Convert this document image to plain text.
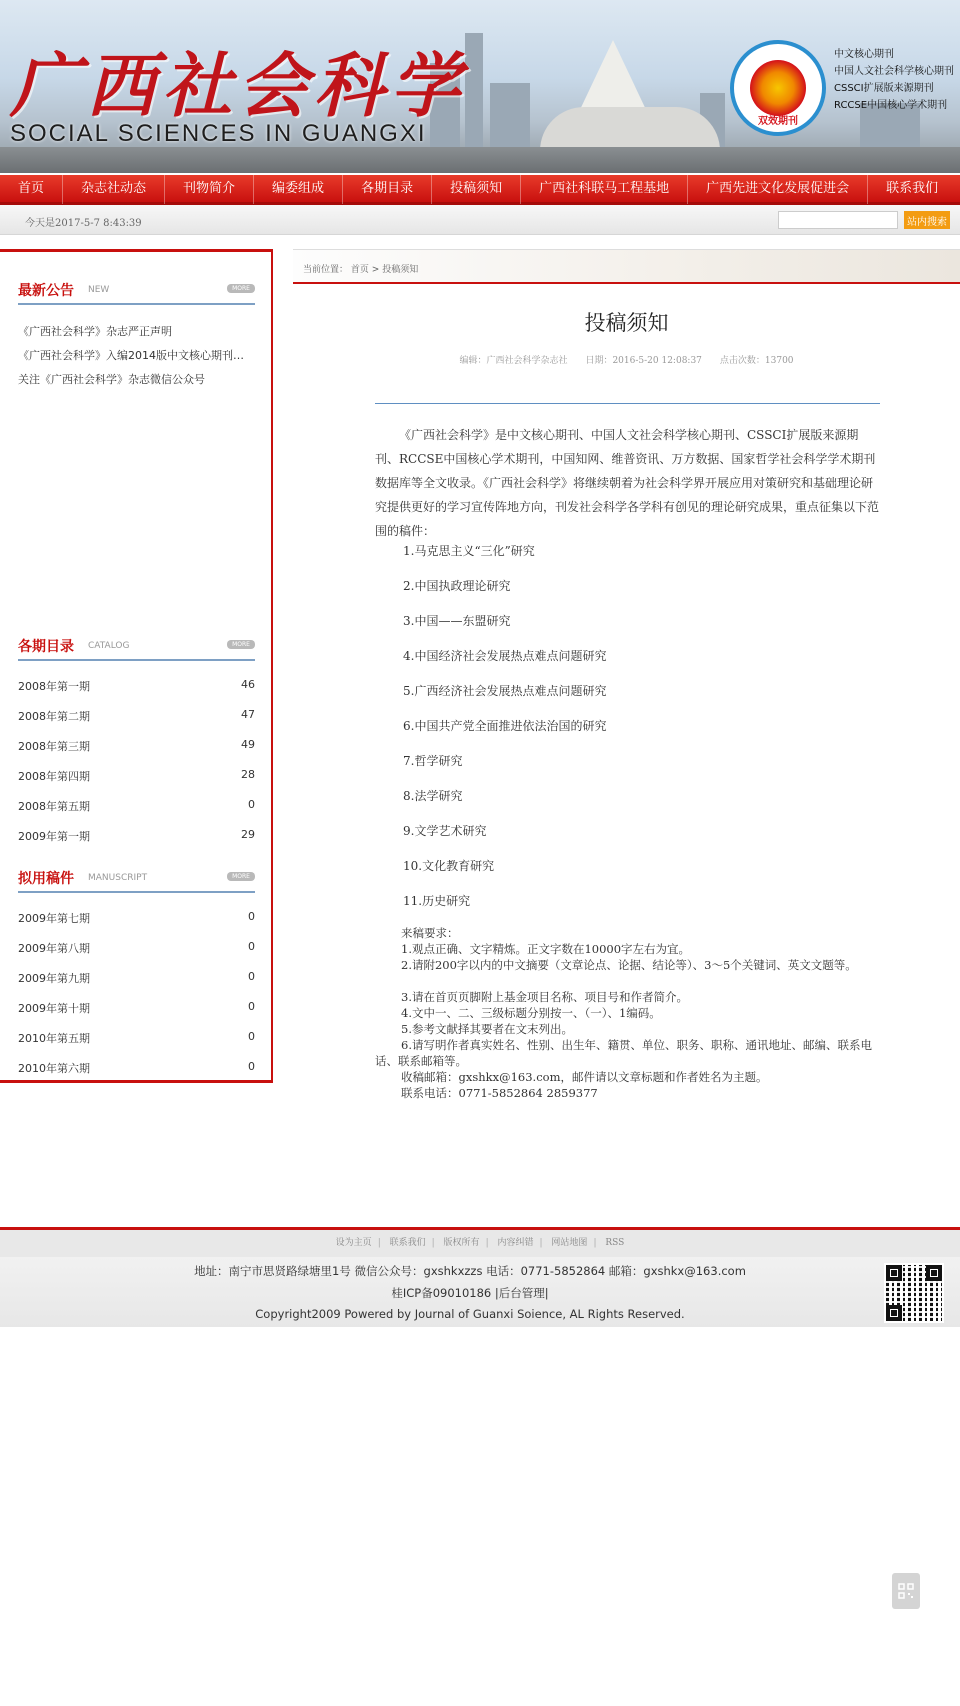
广西社会科学
SOCIAL SCIENCES IN GUANGXI	双效期刊
中文核心期刊
中国人文社会科学核心期刊
CSSCI扩展版来源期刊
RCCSE中国核心学术期刊
首页	杂志社动态	刊物简介	编委组成	各期目录	投稿须知	广西社科联马工程基地	广西先进文化发展促进会	联系我们
今天是2017-5-7 8:43:39	站内搜索
最新公告 NEW	MORE
《广西社会科学》杂志严正声明
《广西社会科学》入编2014版中文核心期刊…
关注《广西社会科学》杂志微信公众号
各期目录 CATALOG	MORE
2008年第一期	46
2008年第二期	47
2008年第三期	49
2008年第四期	28
2008年第五期	0
2009年第一期	29
拟用稿件 MANUSCRIPT	MORE
2009年第七期	0
2009年第八期	0
2009年第九期	0
2009年第十期	0
2010年第五期	0
2010年第六期	0
当前位置： 首页 > 投稿须知
投稿须知
编辑：广西社会科学杂志社　　日期：2016-5-20 12:08:37　　点击次数：13700
《广西社会科学》是中文核心期刊、中国人文社会科学核心期刊、CSSCI扩展版来源期刊、RCCSE中国核心学术期刊，中国知网、维普资讯、万方数据、国家哲学社会科学学术期刊数据库等全文收录。《广西社会科学》将继续朝着为社会科学界开展应用对策研究和基础理论研究提供更好的学习宣传阵地方向，刊发社会科学各学科有创见的理论研究成果，重点征集以下范围的稿件：
1.马克思主义“三化”研究
2.中国执政理论研究
3.中国——东盟研究
4.中国经济社会发展热点难点问题研究
5.广西经济社会发展热点难点问题研究
6.中国共产党全面推进依法治国的研究
7.哲学研究
8.法学研究
9.文学艺术研究
10.文化教育研究
11.历史研究
来稿要求：
1.观点正确、文字精炼。正文字数在10000字左右为宜。
2.请附200字以内的中文摘要（文章论点、论据、结论等）、3～5个关键词、英文文题等。
3.请在首页页脚附上基金项目名称、项目号和作者简介。
4.文中一、二、三级标题分别按一、（一）、1编码。
5.参考文献择其要者在文末列出。
6.请写明作者真实姓名、性别、出生年、籍贯、单位、职务、职称、通讯地址、邮编、联系电话、联系邮箱等。
收稿邮箱：gxshkx@163.com，邮件请以文章标题和作者姓名为主题。
联系电话：0771-5852864 2859377
设为主页 | 联系我们 | 版权所有 | 内容纠错 | 网站地图 | RSS
地址：南宁市思贤路绿塘里1号 微信公众号：gxshkxzzs 电话：0771-5852864 邮箱：gxshkx@163.com
桂ICP备09010186 |后台管理|
Copyright2009 Powered by Journal of Guanxi Soience, AL Rights Reserved.
